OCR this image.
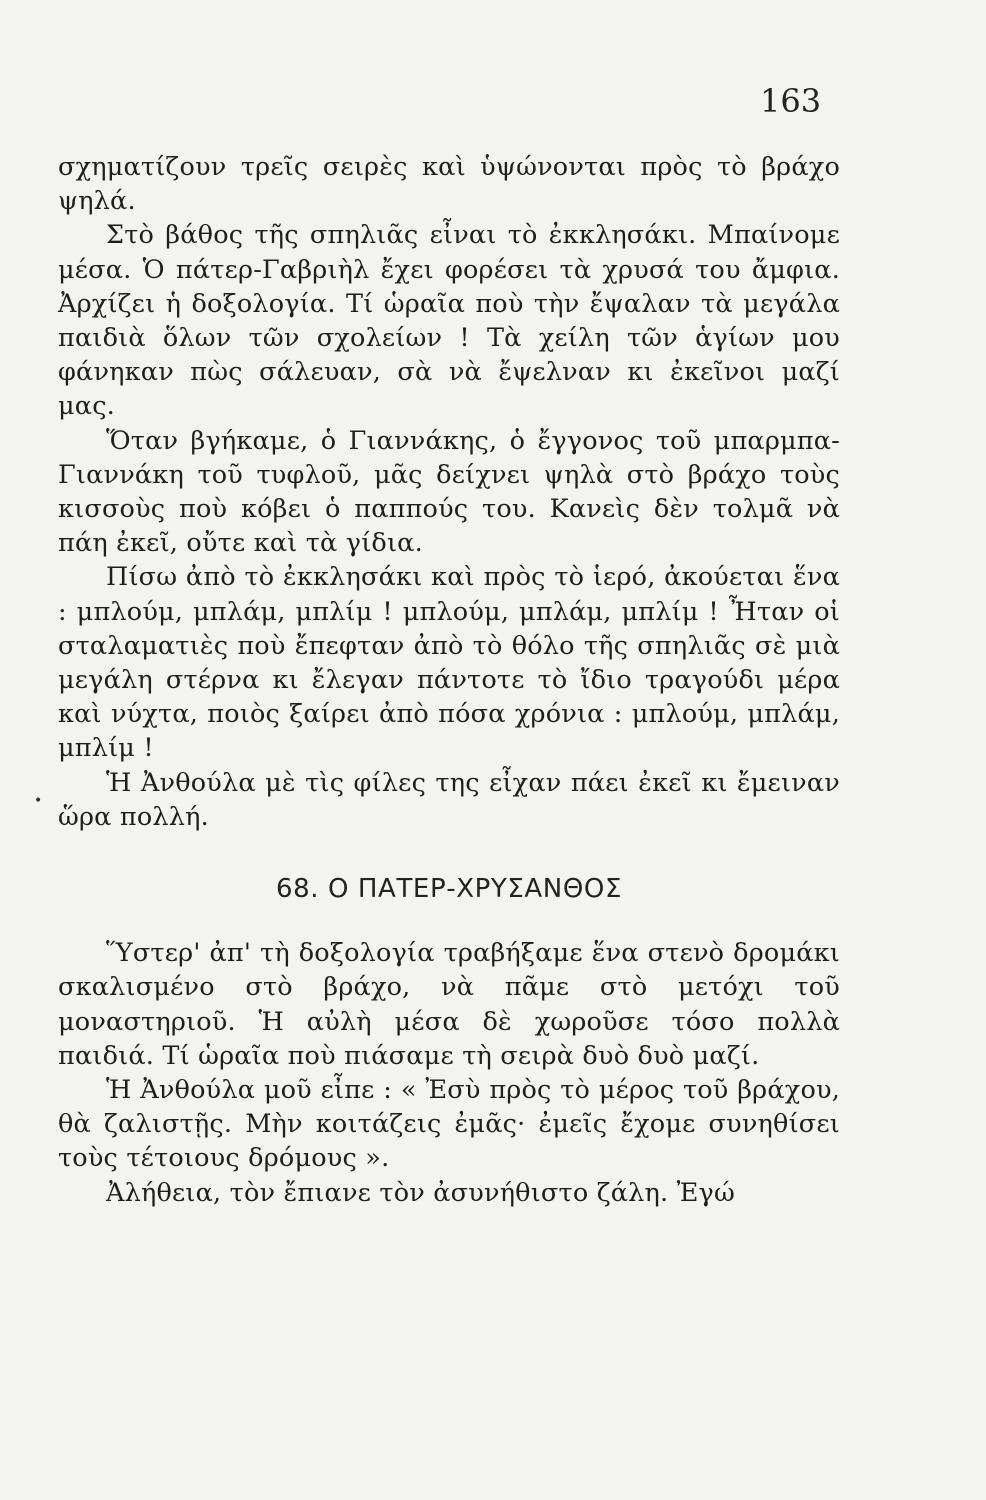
163
•

σχηματίζουν τρεῖς σειρὲς καὶ ὑψώνονται πρὸς τὸ βράχο ψηλά.

Στὸ βάθος τῆς σπηλιᾶς εἶναι τὸ ἐκκλησάκι. Μπαίνομε μέσα. Ὁ πάτερ-Γαβριὴλ ἔχει φορέσει τὰ χρυσά του ἄμφια. Ἀρχίζει ἡ δοξολογία. Τί ὡραῖα ποὺ τὴν ἔψαλαν τὰ μεγάλα παιδιὰ ὅλων τῶν σχολείων ! Τὰ χείλη τῶν ἁγίων μου φάνηκαν πὼς σάλευαν, σὰ νὰ ἔψελναν κι ἐκεῖνοι μαζί μας.

Ὅταν βγήκαμε, ὁ Γιαννάκης, ὁ ἔγγονος τοῦ μπαρμπα-Γιαννάκη τοῦ τυφλοῦ, μᾶς δείχνει ψηλὰ στὸ βράχο τοὺς κισσοὺς ποὺ κόβει ὁ παππούς του. Κανεὶς δὲν τολμᾶ νὰ πάη ἐκεῖ, οὔτε καὶ τὰ γίδια.

Πίσω ἀπὸ τὸ ἐκκλησάκι καὶ πρὸς τὸ ἱερό, ἀκούεται ἕνα : μπλούμ, μπλάμ, μπλίμ ! μπλούμ, μπλάμ, μπλίμ ! Ἦταν οἱ σταλαματιὲς ποὺ ἔπεφταν ἀπὸ τὸ θόλο τῆς σπηλιᾶς σὲ μιὰ μεγάλη στέρνα κι ἔλεγαν πάντοτε τὸ ἴδιο τραγούδι μέρα καὶ νύχτα, ποιὸς ξαίρει ἀπὸ πόσα χρόνια : μπλούμ, μπλάμ, μπλίμ !

Ἡ Ἀνθούλα μὲ τὶς φίλες της εἶχαν πάει ἐκεῖ κι ἔμειναν ὥρα πολλή.

68. Ο ΠΑΤΕΡ-ΧΡΥΣΑΝΘΟΣ

Ὕστερ' ἀπ' τὴ δοξολογία τραβήξαμε ἕνα στενὸ δρομάκι σκαλισμένο στὸ βράχο, νὰ πᾶμε στὸ μετόχι τοῦ μοναστηριοῦ. Ἡ αὐλὴ μέσα δὲ χωροῦσε τόσο πολλὰ παιδιά. Τί ὡραῖα ποὺ πιάσαμε τὴ σειρὰ δυὸ δυὸ μαζί.

Ἡ Ἀνθούλα μοῦ εἶπε : « Ἐσὺ πρὸς τὸ μέρος τοῦ βράχου, θὰ ζαλιστῇς. Μὴν κοιτάζεις ἐμᾶς· ἐμεῖς ἔχομε συνηθίσει τοὺς τέτοιους δρόμους ».

Ἀλήθεια, τὸν ἔπιανε τὸν ἀσυνήθιστο ζάλη. Ἐγώ
